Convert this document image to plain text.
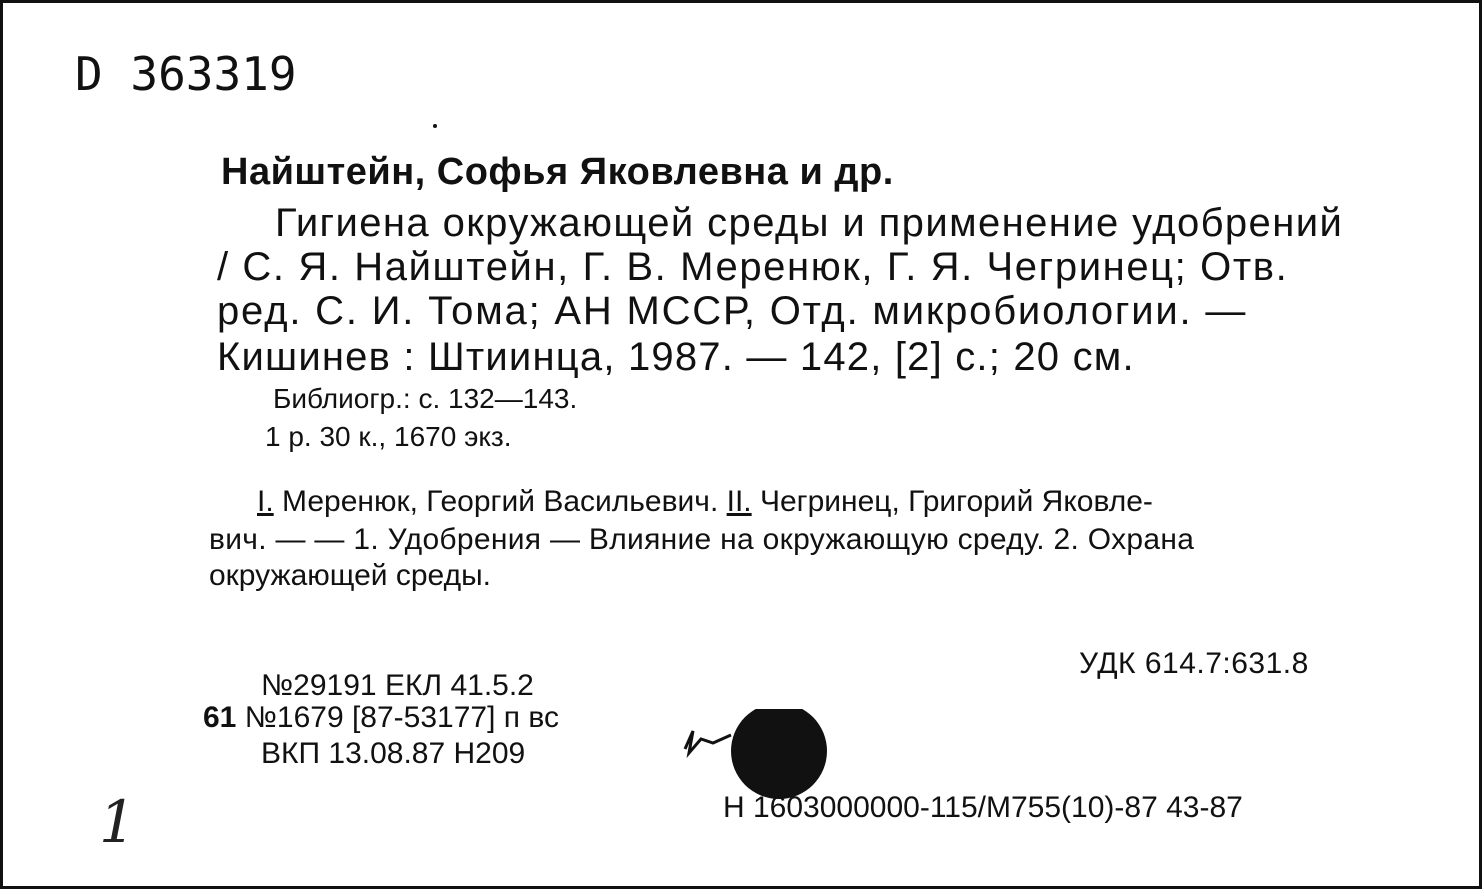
D 363319
Найштейн, Софья Яковлевна и др.
Гигиена окружающей среды и применение удобрений
/ С. Я. Найштейн, Г. В. Меренюк, Г. Я. Чегринец; Отв.
ред. С. И. Тома; АН МССР, Отд. микробиологии. —
Кишинев : Штиинца, 1987. — 142, [2] с.; 20 см.
Библиогр.: с. 132—143.
1 р. 30 к., 1670 экз.
I. Меренюк, Георгий Васильевич. II. Чегринец, Григорий Яковле-
вич. — — 1. Удобрения — Влияние на окружающую среду. 2. Охрана
окружающей среды.
УДК 614.7:631.8
№29191 ЕКЛ 41.5.2
61 №1679 [87-53177] п вс
ВКП 13.08.87 Н209
Н 1603000000-115/М755(10)-87 43-87
1
